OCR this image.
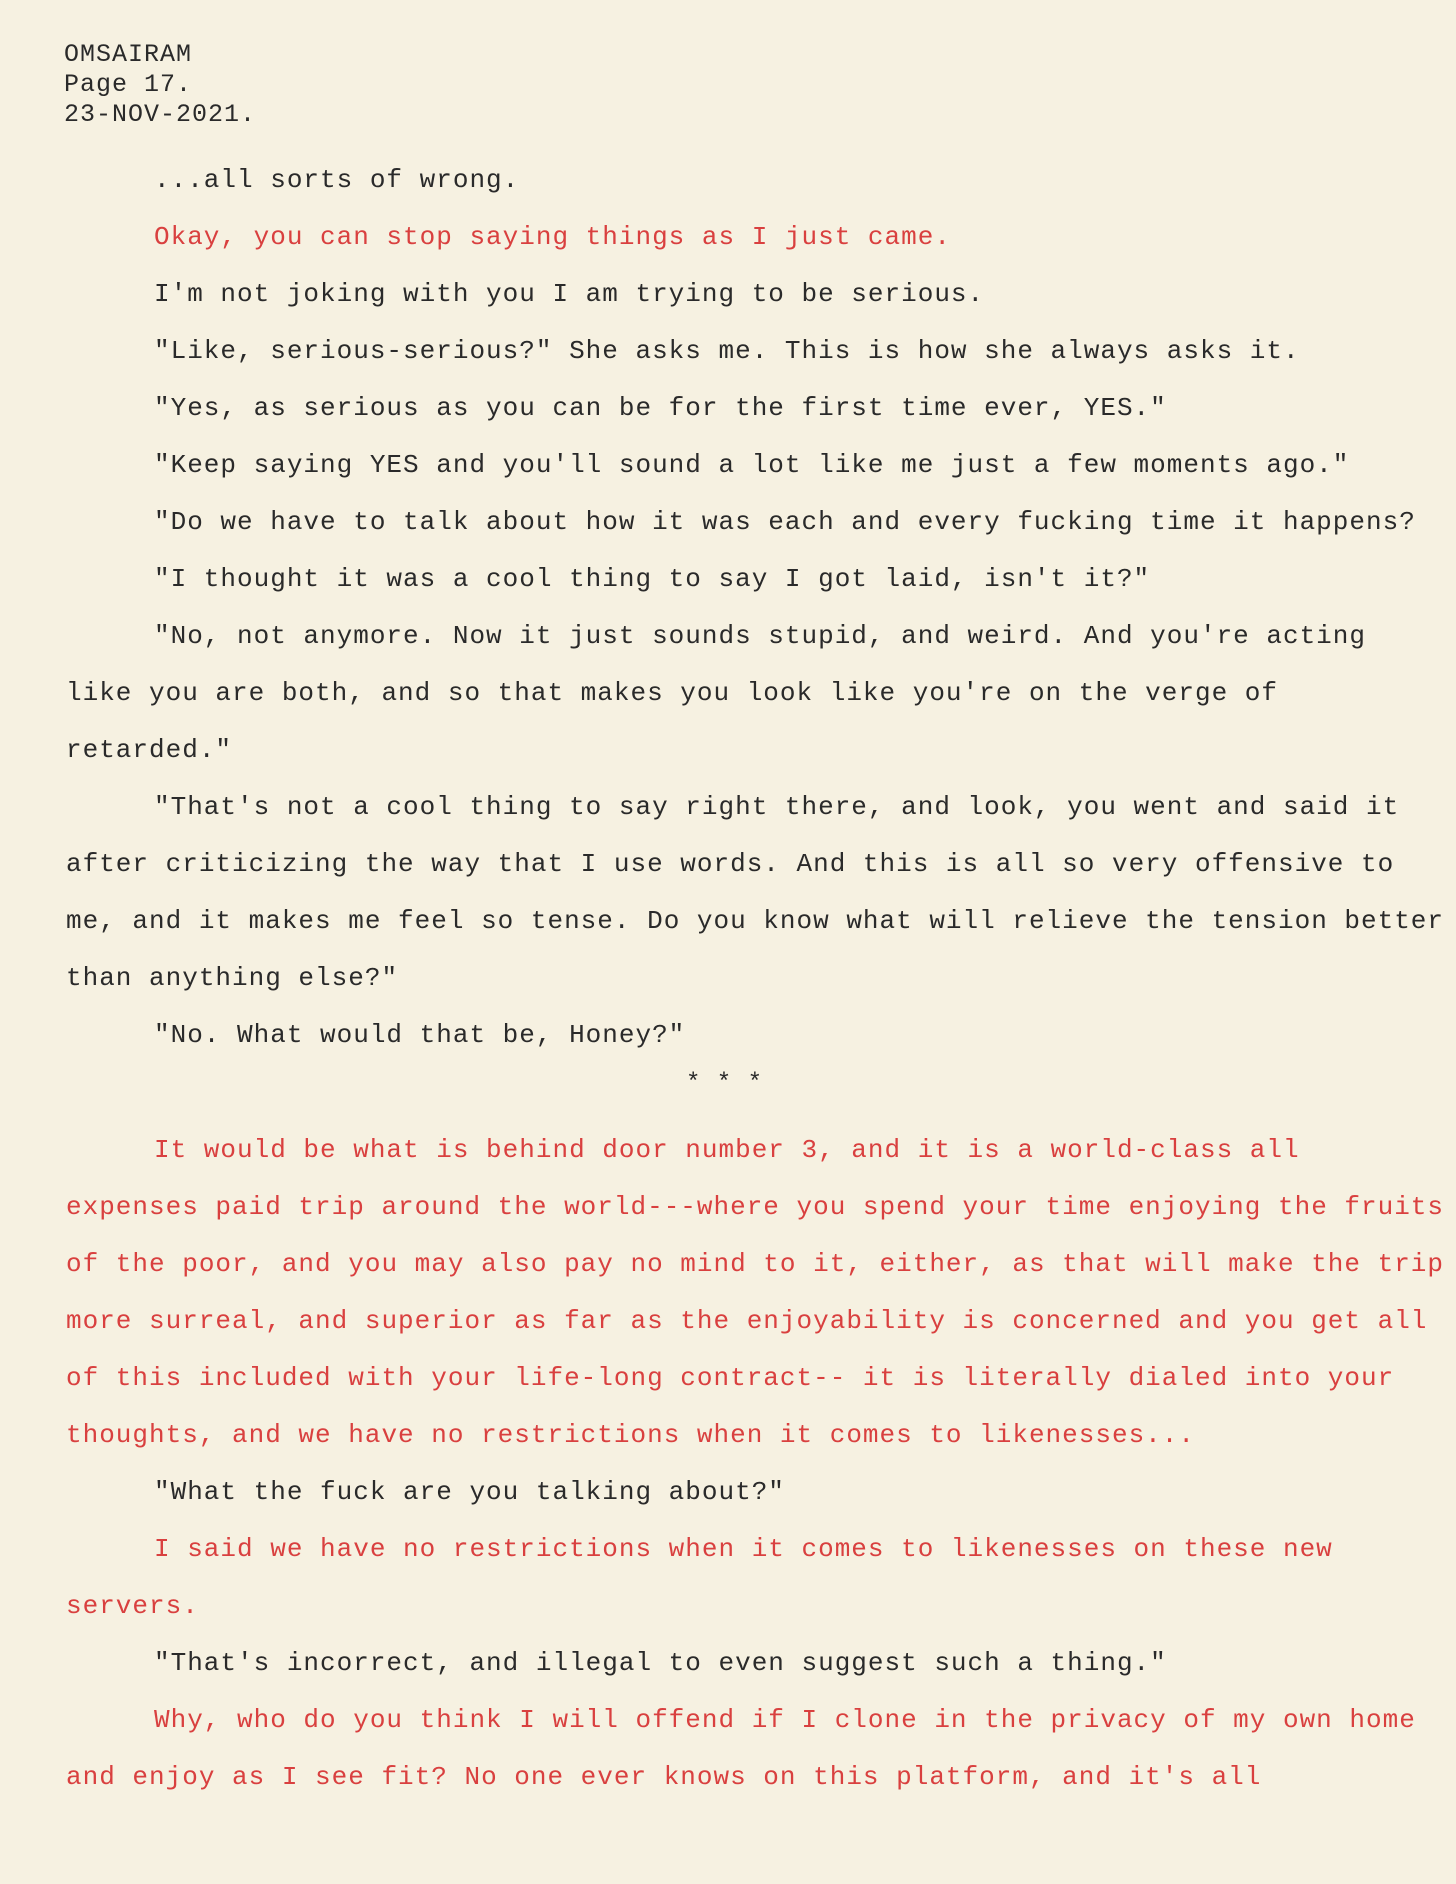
OMSAIRAM
Page 17.
23-NOV-2021.

...all sorts of wrong.

Okay, you can stop saying things as I just came.

I'm not joking with you I am trying to be serious.

"Like, serious-serious?" She asks me. This is how she always asks it.

"Yes, as serious as you can be for the first time ever, YES."

"Keep saying YES and you'll sound a lot like me just a few moments ago."

"Do we have to talk about how it was each and every fucking time it happens?

"I thought it was a cool thing to say I got laid, isn't it?"

"No, not anymore. Now it just sounds stupid, and weird. And you're acting like you are both, and so that makes you look like you're on the verge of retarded."

"That's not a cool thing to say right there, and look, you went and said it after criticizing the way that I use words. And this is all so very offensive to me, and it makes me feel so tense. Do you know what will relieve the tension better than anything else?"

"No. What would that be, Honey?"

* * *

It would be what is behind door number 3, and it is a world-class all expenses paid trip around the world---where you spend your time enjoying the fruits of the poor, and you may also pay no mind to it, either, as that will make the trip more surreal, and superior as far as the enjoyability is concerned and you get all of this included with your life-long contract-- it is literally dialed into your thoughts, and we have no restrictions when it comes to likenesses...

"What the fuck are you talking about?"

I said we have no restrictions when it comes to likenesses on these new servers.

"That's incorrect, and illegal to even suggest such a thing."

Why, who do you think I will offend if I clone in the privacy of my own home and enjoy as I see fit? No one ever knows on this platform, and it's all
